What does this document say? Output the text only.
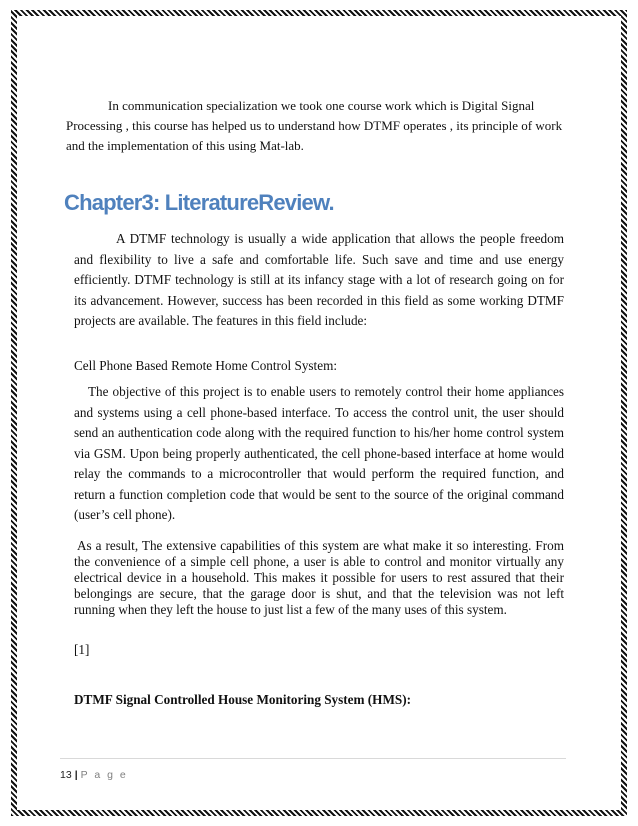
In communication specialization we took one course work which is Digital Signal Processing , this course has helped us to understand how DTMF operates , its principle of work and the implementation of this using Mat-lab.

Chapter3: LiteratureReview.

A DTMF technology is usually a wide application that allows the people freedom and flexibility to live a safe and comfortable life. Such save and time and use energy efficiently. DTMF technology is still at its infancy stage with a lot of research going on for its advancement. However, success has been recorded in this field as some working DTMF projects are available. The features in this field include:

Cell Phone Based Remote Home Control System:

The objective of this project is to enable users to remotely control their home appliances and systems using a cell phone-based interface. To access the control unit, the user should send an authentication code along with the required function to his/her home control system via GSM. Upon being properly authenticated, the cell phone-based interface at home would relay the commands to a microcontroller that would perform the required function, and return a function completion code that would be sent to the source of the original command (user’s cell phone).

As a result, The extensive capabilities of this system are what make it so interesting. From the convenience of a simple cell phone, a user is able to control and monitor virtually any electrical device in a household. This makes it possible for users to rest assured that their belongings are secure, that the garage door is shut, and that the television was not left running when they left the house to just list a few of the many uses of this system.

[1]

DTMF Signal Controlled House Monitoring System (HMS):

13 | P a g e
